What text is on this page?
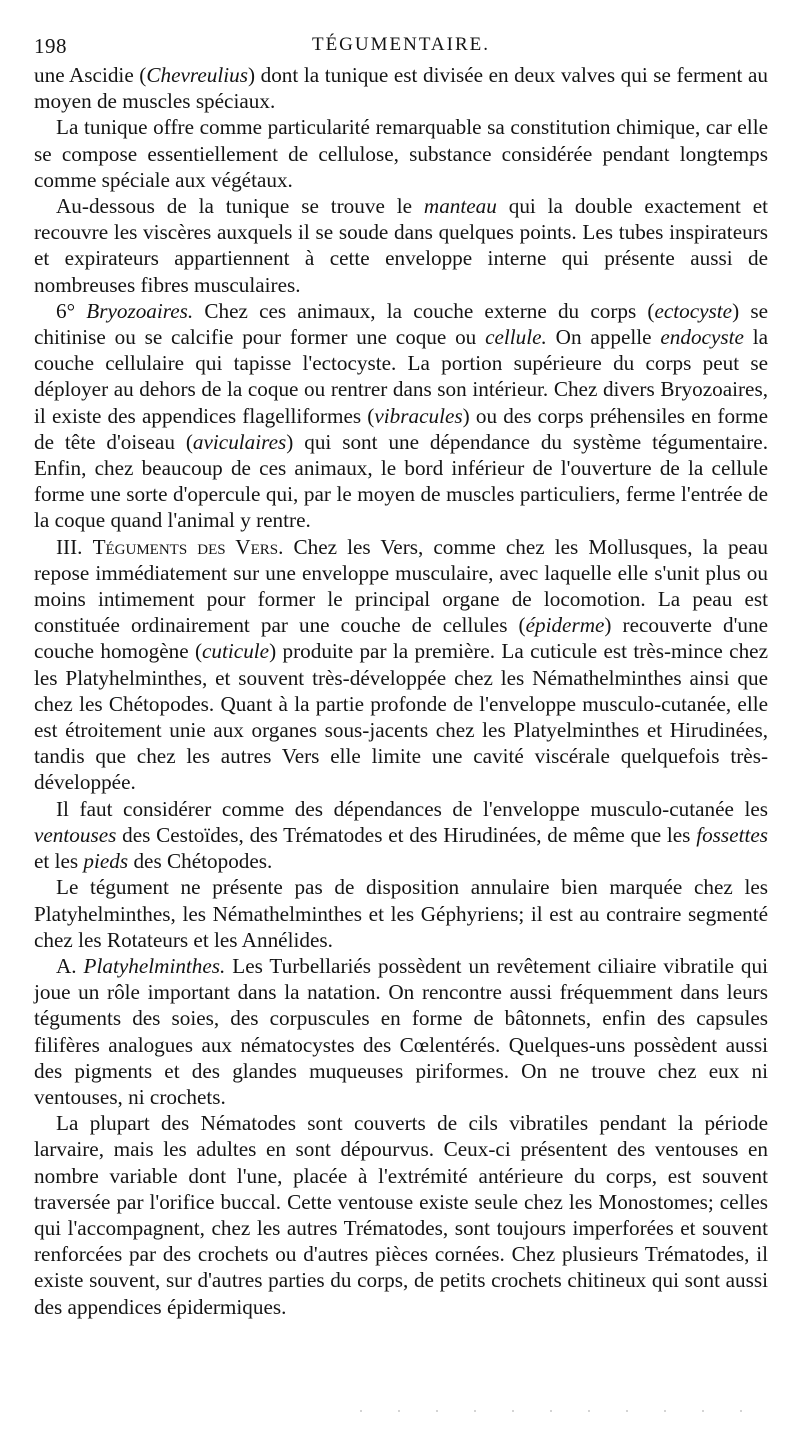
198	TÉGUMENTAIRE.

une Ascidie (Chevreulius) dont la tunique est divisée en deux valves qui se ferment au moyen de muscles spéciaux.

La tunique offre comme particularité remarquable sa constitution chimique, car elle se compose essentiellement de cellulose, substance considérée pendant longtemps comme spéciale aux végétaux.

Au-dessous de la tunique se trouve le manteau qui la double exactement et recouvre les viscères auxquels il se soude dans quelques points. Les tubes inspirateurs et expirateurs appartiennent à cette enveloppe interne qui présente aussi de nombreuses fibres musculaires.

6° Bryozoaires. Chez ces animaux, la couche externe du corps (ectocyste) se chitinise ou se calcifie pour former une coque ou cellule. On appelle endocyste la couche cellulaire qui tapisse l'ectocyste. La portion supérieure du corps peut se déployer au dehors de la coque ou rentrer dans son intérieur. Chez divers Bryozoaires, il existe des appendices flagelliformes (vibracules) ou des corps préhensiles en forme de tête d'oiseau (aviculaires) qui sont une dépendance du système tégumentaire. Enfin, chez beaucoup de ces animaux, le bord inférieur de l'ouverture de la cellule forme une sorte d'opercule qui, par le moyen de muscles particuliers, ferme l'entrée de la coque quand l'animal y rentre.

III. Téguments des Vers. Chez les Vers, comme chez les Mollusques, la peau repose immédiatement sur une enveloppe musculaire, avec laquelle elle s'unit plus ou moins intimement pour former le principal organe de locomotion. La peau est constituée ordinairement par une couche de cellules (épiderme) recouverte d'une couche homogène (cuticule) produite par la première. La cuticule est très-mince chez les Platyhelminthes, et souvent très-développée chez les Némathelminthes ainsi que chez les Chétopodes. Quant à la partie profonde de l'enveloppe musculo-cutanée, elle est étroitement unie aux organes sous-jacents chez les Platyelminthes et Hirudinées, tandis que chez les autres Vers elle limite une cavité viscérale quelquefois très-développée.

Il faut considérer comme des dépendances de l'enveloppe musculo-cutanée les ventouses des Cestoïdes, des Trématodes et des Hirudinées, de même que les fossettes et les pieds des Chétopodes.

Le tégument ne présente pas de disposition annulaire bien marquée chez les Platyhelminthes, les Némathelminthes et les Géphyriens; il est au contraire segmenté chez les Rotateurs et les Annélides.

A. Platyhelminthes. Les Turbellariés possèdent un revêtement ciliaire vibratile qui joue un rôle important dans la natation. On rencontre aussi fréquemment dans leurs téguments des soies, des corpuscules en forme de bâtonnets, enfin des capsules filifères analogues aux nématocystes des Cœlentérés. Quelques-uns possèdent aussi des pigments et des glandes muqueuses piriformes. On ne trouve chez eux ni ventouses, ni crochets.

La plupart des Nématodes sont couverts de cils vibratiles pendant la période larvaire, mais les adultes en sont dépourvus. Ceux-ci présentent des ventouses en nombre variable dont l'une, placée à l'extrémité antérieure du corps, est souvent traversée par l'orifice buccal. Cette ventouse existe seule chez les Monostomes; celles qui l'accompagnent, chez les autres Trématodes, sont toujours imperforées et souvent renforcées par des crochets ou d'autres pièces cornées. Chez plusieurs Trématodes, il existe souvent, sur d'autres parties du corps, de petits crochets chitineux qui sont aussi des appendices épidermiques.
